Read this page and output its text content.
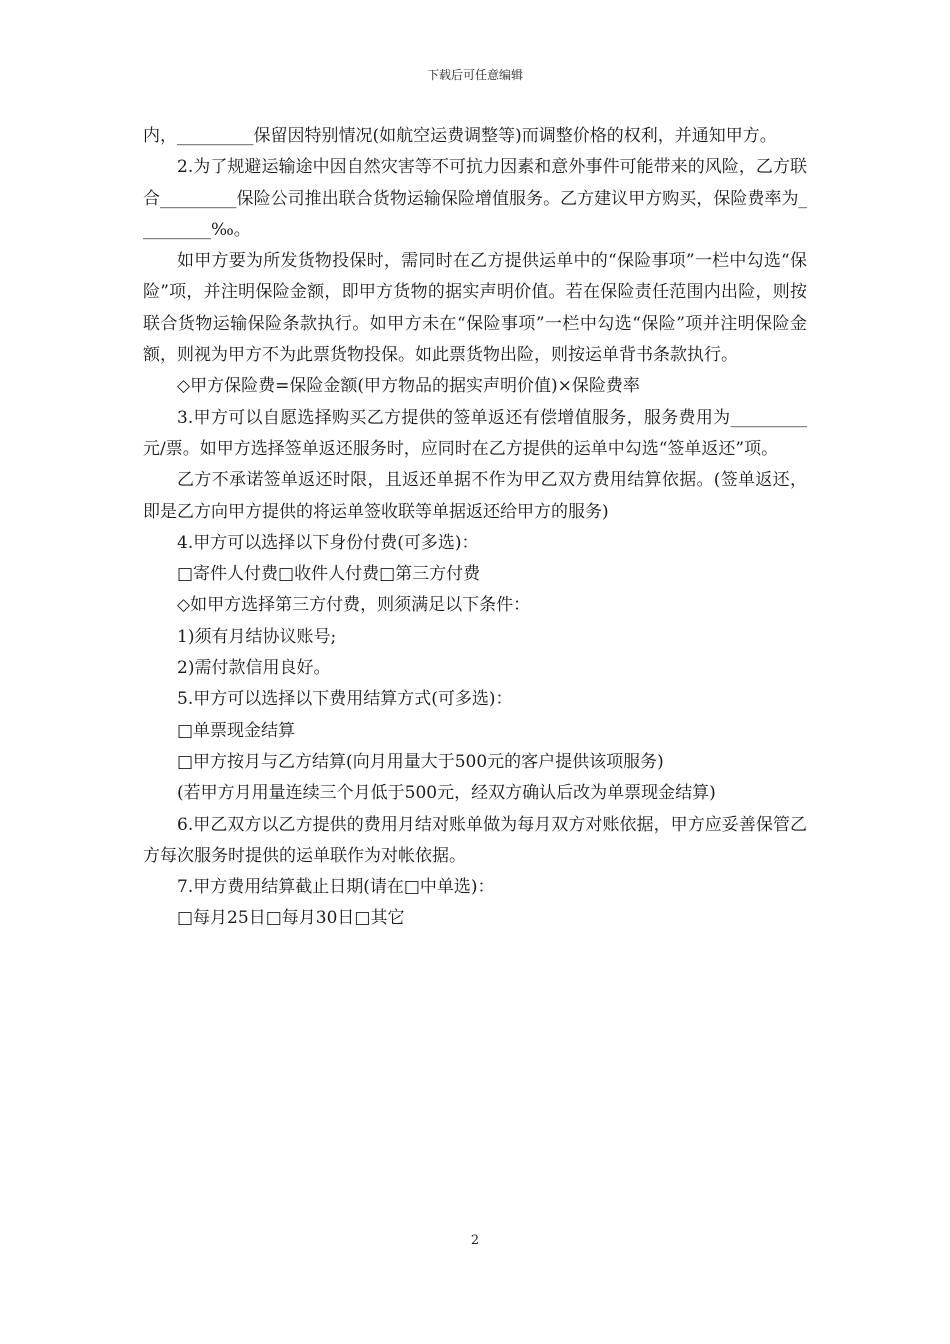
下载后可任意编辑

内，_________保留因特别情况(如航空运费调整等)而调整价格的权利，并通知甲方。

2.为了规避运输途中因自然灾害等不可抗力因素和意外事件可能带来的风险，乙方联合_________保险公司推出联合货物运输保险增值服务。乙方建议甲方购买，保险费率为_________‰。

如甲方要为所发货物投保时，需同时在乙方提供运单中的“保险事项”一栏中勾选“保险”项，并注明保险金额，即甲方货物的据实声明价值。若在保险责任范围内出险，则按联合货物运输保险条款执行。如甲方未在“保险事项”一栏中勾选“保险”项并注明保险金额，则视为甲方不为此票货物投保。如此票货物出险，则按运单背书条款执行。

◇甲方保险费=保险金额(甲方物品的据实声明价值)×保险费率

3.甲方可以自愿选择购买乙方提供的签单返还有偿增值服务，服务费用为_________元/票。如甲方选择签单返还服务时，应同时在乙方提供的运单中勾选“签单返还”项。

乙方不承诺签单返还时限，且返还单据不作为甲乙双方费用结算依据。(签单返还，即是乙方向甲方提供的将运单签收联等单据返还给甲方的服务)

4.甲方可以选择以下身份付费(可多选)：

□寄件人付费□收件人付费□第三方付费

◇如甲方选择第三方付费，则须满足以下条件：

1)须有月结协议账号;

2)需付款信用良好。

5.甲方可以选择以下费用结算方式(可多选)：

□单票现金结算

□甲方按月与乙方结算(向月用量大于500元的客户提供该项服务)

(若甲方月用量连续三个月低于500元，经双方确认后改为单票现金结算)

6.甲乙双方以乙方提供的费用月结对账单做为每月双方对账依据，甲方应妥善保管乙方每次服务时提供的运单联作为对帐依据。

7.甲方费用结算截止日期(请在□中单选)：

□每月25日□每月30日□其它

2
